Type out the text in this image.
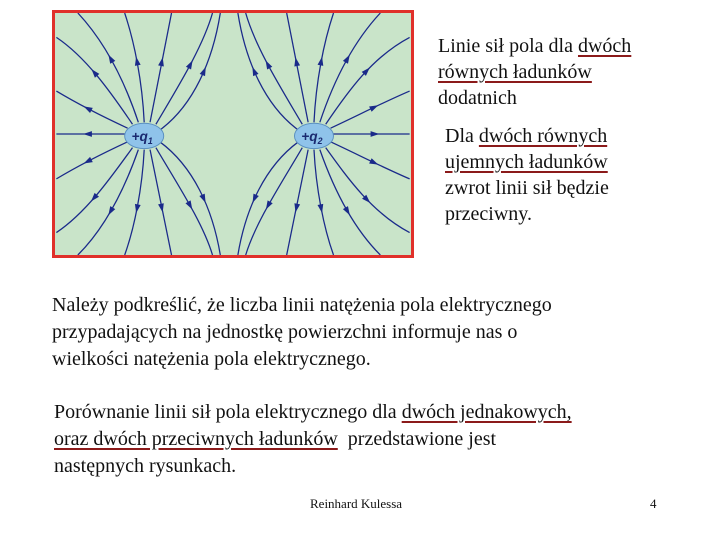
$+q_1$	$+q_2$
Linie sił pola dla dwóch
równych ładunków
dodatnich
Dla dwóch równych
ujemnych ładunków
zwrot linii sił będzie
przeciwny.
Należy podkreślić, że liczba linii natężenia pola elektrycznego
przypadających na jednostkę powierzchni informuje nas o
wielkości natężenia pola elektrycznego.
Porównanie linii sił pola elektrycznego dla dwóch jednakowych,
oraz dwóch przeciwnych ładunków  przedstawione jest
następnych rysunkach.
Reinhard Kulessa	4
